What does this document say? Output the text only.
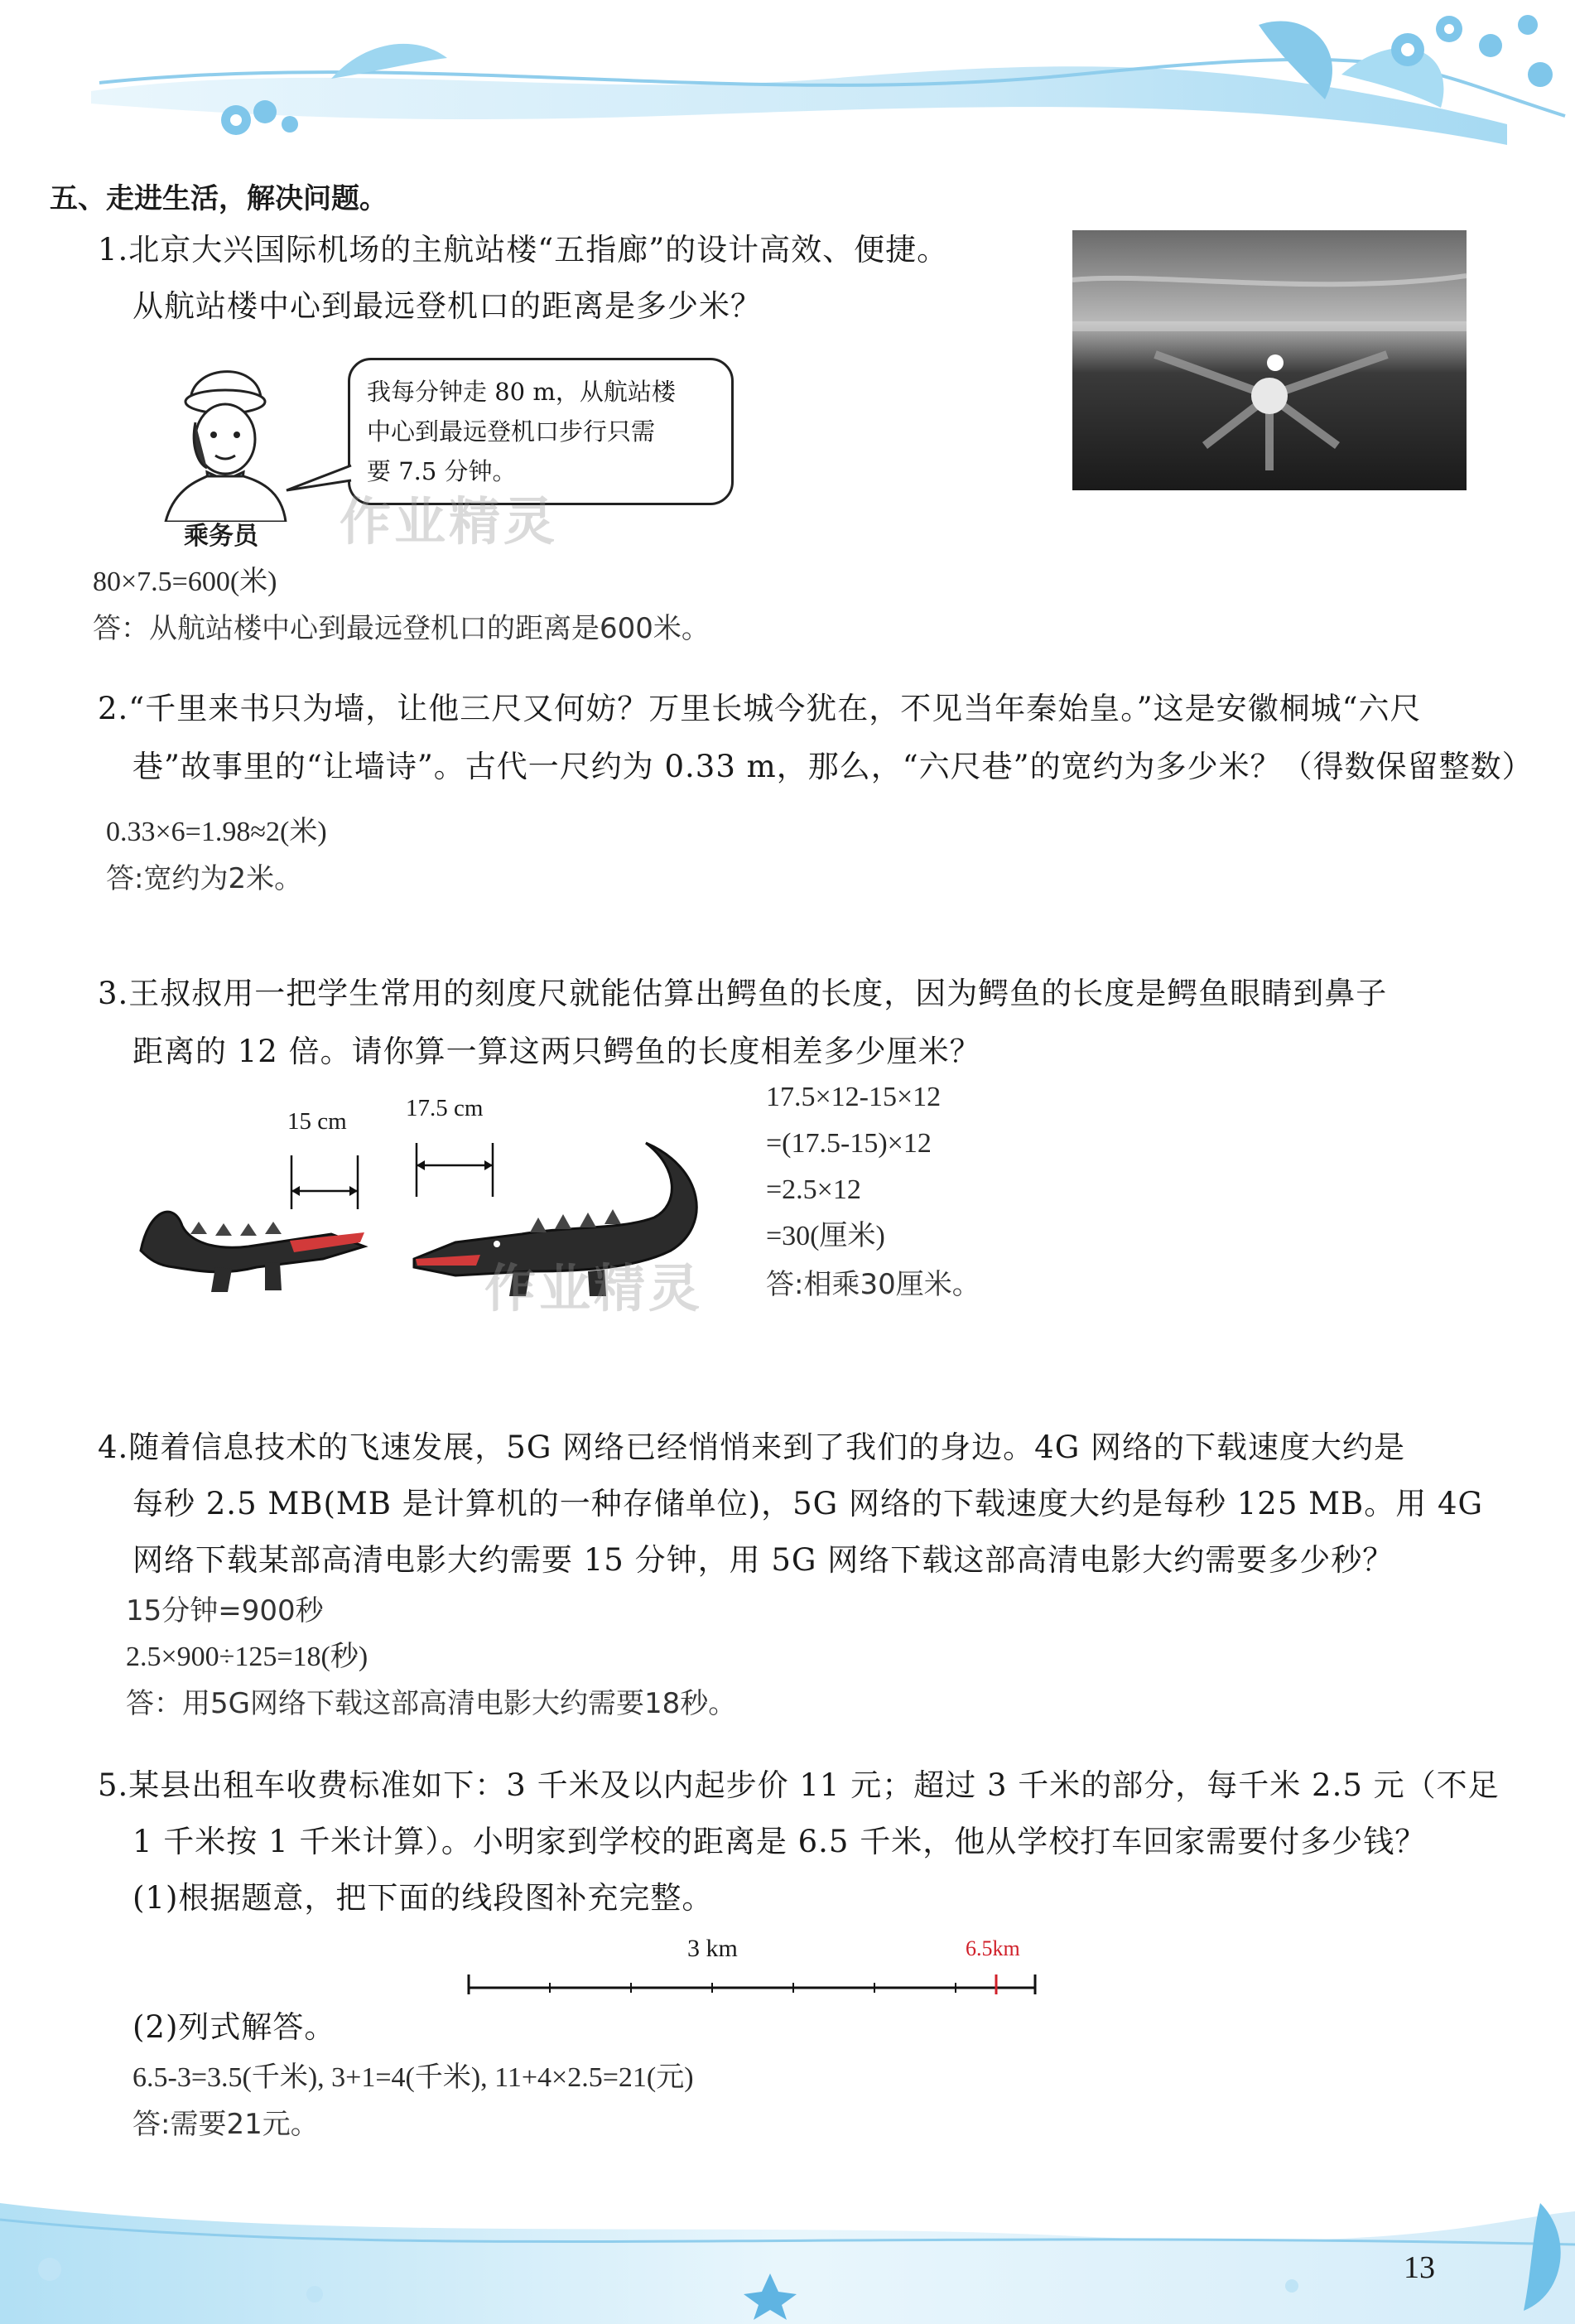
五、走进生活，解决问题。
1.北京大兴国际机场的主航站楼“五指廊”的设计高效、便捷。
从航站楼中心到最远登机口的距离是多少米？
我每分钟走 80 m，从航站楼
中心到最远登机口步行只需
要 7.5 分钟。
乘务员
80×7.5=600(米)
答：从航站楼中心到最远登机口的距离是600米。
2.“千里来书只为墙，让他三尺又何妨？万里长城今犹在，不见当年秦始皇。”这是安徽桐城“六尺
巷”故事里的“让墙诗”。古代一尺约为 0.33 m，那么，“六尺巷”的宽约为多少米？（得数保留整数）
0.33×6=1.98≈2(米)
答:宽约为2米。
3.王叔叔用一把学生常用的刻度尺就能估算出鳄鱼的长度，因为鳄鱼的长度是鳄鱼眼睛到鼻子
距离的 12 倍。请你算一算这两只鳄鱼的长度相差多少厘米？
15 cm 17.5 cm	17.5×12-15×12
=(17.5-15)×12
=2.5×12
=30(厘米)
答:相乘30厘米。
4.随着信息技术的飞速发展，5G 网络已经悄悄来到了我们的身边。4G 网络的下载速度大约是
每秒 2.5 MB(MB 是计算机的一种存储单位)，5G 网络的下载速度大约是每秒 125 MB。用 4G
网络下载某部高清电影大约需要 15 分钟，用 5G 网络下载这部高清电影大约需要多少秒？
15分钟=900秒
2.5×900÷125=18(秒)
答：用5G网络下载这部高清电影大约需要18秒。
5.某县出租车收费标准如下：3 千米及以内起步价 11 元；超过 3 千米的部分，每千米 2.5 元（不足
1 千米按 1 千米计算）。小明家到学校的距离是 6.5 千米，他从学校打车回家需要付多少钱？
(1)根据题意，把下面的线段图补充完整。
3 km	6.5km
(2)列式解答。
6.5-3=3.5(千米), 3+1=4(千米), 11+4×2.5=21(元)
答:需要21元。
作业精灵
作业精灵
13
